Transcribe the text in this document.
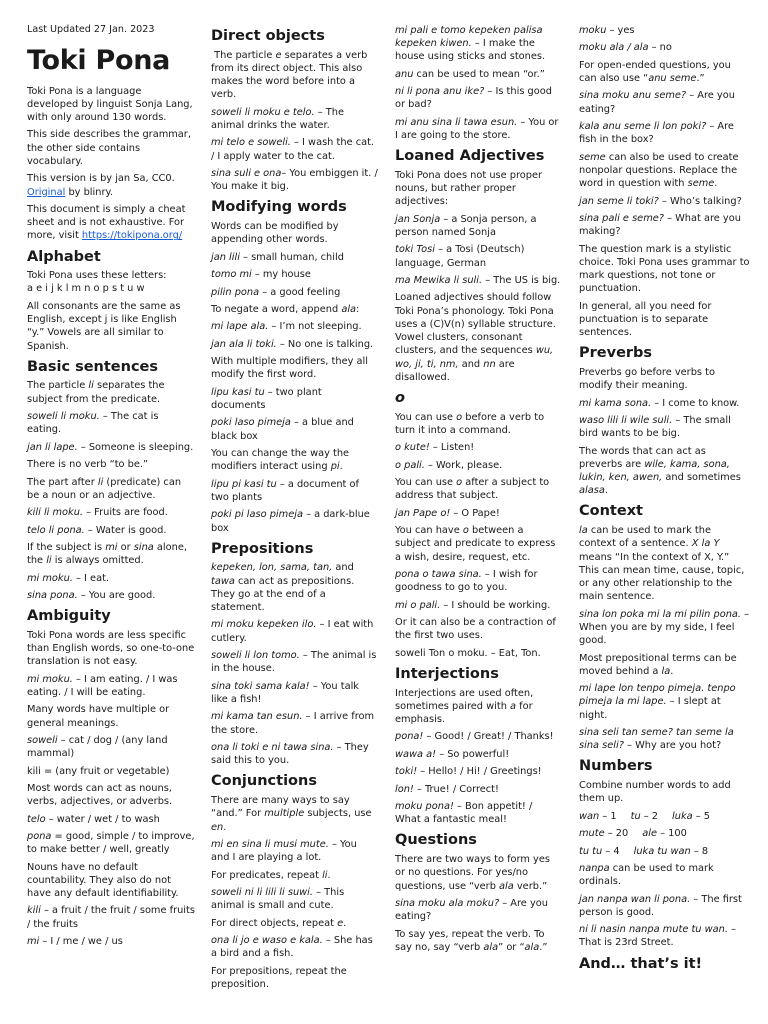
Last Updated 27 Jan. 2023

Toki Pona

Toki Pona is a language developed by linguist Sonja Lang, with only around 130 words.

This side describes the grammar, the other side contains vocabulary.

This version is by jan Sa, CC0.
Original by blinry.

This document is simply a cheat sheet and is not exhaustive. For more, visit https://tokipona.org/

Alphabet

Toki Pona uses these letters:
a e i j k l m n o p s t u w

All consonants are the same as English, except j is like English “y.” Vowels are all similar to Spanish.

Basic sentences

The particle li separates the subject from the predicate.

soweli li moku. – The cat is eating.

jan li lape. – Someone is sleeping.

There is no verb “to be.”

The part after li (predicate) can be a noun or an adjective.

kili li moku. – Fruits are food.

telo li pona. – Water is good.

If the subject is mi or sina alone, the li is always omitted.

mi moku. – I eat.

sina pona. – You are good.

Ambiguity

Toki Pona words are less specific than English words, so one-to-one translation is not easy.

mi moku. – I am eating. / I was eating. / I will be eating.

Many words have multiple or general meanings.

soweli – cat / dog / (any land mammal)

kili = (any fruit or vegetable)

Most words can act as nouns, verbs, adjectives, or adverbs.

telo – water / wet / to wash

pona = good, simple / to improve, to make better / well, greatly

Nouns have no default countability. They also do not have any default identifiability.

kili – a fruit / the fruit / some fruits / the fruits

mi – I / me / we / us

Direct objects

The particle e separates a verb from its direct object. This also makes the word before into a verb.

soweli li moku e telo. – The animal drinks the water.

mi telo e soweli. – I wash the cat. / I apply water to the cat.

sina suli e ona– You embiggen it. / You make it big.

Modifying words

Words can be modified by appending other words.

jan lili – small human, child

tomo mi – my house

pilin pona – a good feeling

To negate a word, append ala:

mi lape ala. – I’m not sleeping.

jan ala li toki. – No one is talking.

With multiple modifiers, they all modify the first word.

lipu kasi tu – two plant documents

poki laso pimeja – a blue and black box

You can change the way the modifiers interact using pi.

lipu pi kasi tu – a document of two plants

poki pi laso pimeja – a dark-blue box

Prepositions

kepeken, lon, sama, tan, and tawa can act as prepositions. They go at the end of a statement.

mi moku kepeken ilo. – I eat with cutlery.

soweli li lon tomo. – The animal is in the house.

sina toki sama kala! – You talk like a fish!

mi kama tan esun. – I arrive from the store.

ona li toki e ni tawa sina. – They said this to you.

Conjunctions

There are many ways to say “and.” For multiple subjects, use en.

mi en sina li musi mute. – You and I are playing a lot.

For predicates, repeat li.

soweli ni li lili li suwi. – This animal is small and cute.

For direct objects, repeat e.

ona li jo e waso e kala. – She has a bird and a fish.

For prepositions, repeat the preposition.

mi pali e tomo kepeken palisa kepeken kiwen. – I make the house using sticks and stones.

anu can be used to mean “or.”

ni li pona anu ike? – Is this good or bad?

mi anu sina li tawa esun. – You or I are going to the store.

Loaned Adjectives

Toki Pona does not use proper nouns, but rather proper adjectives:

jan Sonja – a Sonja person, a person named Sonja

toki Tosi – a Tosi (Deutsch) language, German

ma Mewika li suli. – The US is big.

Loaned adjectives should follow Toki Pona’s phonology. Toki Pona uses a (C)V(n) syllable structure. Vowel clusters, consonant clusters, and the sequences wu, wo, ji, ti, nm, and nn are disallowed.

o

You can use o before a verb to turn it into a command.

o kute! – Listen!

o pali. – Work, please.

You can use o after a subject to address that subject.

jan Pape o! – O Pape!

You can have o between a subject and predicate to express a wish, desire, request, etc.

pona o tawa sina. – I wish for goodness to go to you.

mi o pali. – I should be working.

Or it can also be a contraction of the first two uses.

soweli Ton o moku. – Eat, Ton.

Interjections

Interjections are used often, sometimes paired with a for emphasis.

pona! – Good! / Great! / Thanks!

wawa a! – So powerful!

toki! – Hello! / Hi! / Greetings!

lon! – True! / Correct!

moku pona! – Bon appetit! / What a fantastic meal!

Questions

There are two ways to form yes or no questions. For yes/no questions, use “verb ala verb.”

sina moku ala moku? – Are you eating?

To say yes, repeat the verb. To say no, say “verb ala” or “ala.”

moku – yes

moku ala / ala – no

For open-ended questions, you can also use “anu seme.”

sina moku anu seme? – Are you eating?

kala anu seme li lon poki? – Are fish in the box?

seme can also be used to create nonpolar questions. Replace the word in question with seme.

jan seme li toki? – Who’s talking?

sina pali e seme? – What are you making?

The question mark is a stylistic choice. Toki Pona uses grammar to mark questions, not tone or punctuation.

In general, all you need for punctuation is to separate sentences.

Preverbs

Preverbs go before verbs to modify their meaning.

mi kama sona. – I come to know.

waso lili li wile suli. – The small bird wants to be big.

The words that can act as preverbs are wile, kama, sona, lukin, ken, awen, and sometimes alasa.

Context

la can be used to mark the context of a sentence. X la Y means “In the context of X, Y.” This can mean time, cause, topic, or any other relationship to the main sentence.

sina lon poka mi la mi pilin pona. – When you are by my side, I feel good.

Most prepositional terms can be moved behind a la.

mi lape lon tenpo pimeja. tenpo pimeja la mi lape. – I slept at night.

sina seli tan seme? tan seme la sina seli? – Why are you hot?

Numbers

Combine number words to add them up.

wan – 1 tu – 2 luka – 5
mute – 20 ale – 100
tu tu – 4 luka tu wan – 8

nanpa can be used to mark ordinals.

jan nanpa wan li pona. – The first person is good.

ni li nasin nanpa mute tu wan. – That is 23rd Street.

And… that’s it!
